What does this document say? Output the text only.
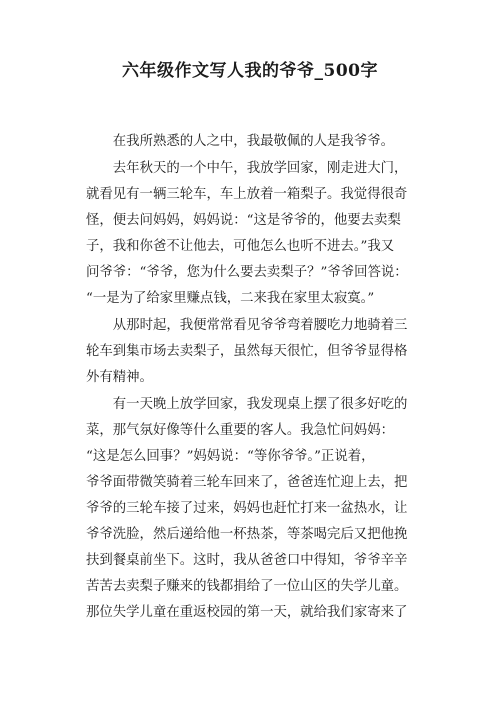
六年级作文写人我的爷爷_500字

在我所熟悉的人之中，我最敬佩的人是我爷爷。

去年秋天的一个中午，我放学回家，刚走进大门，
就看见有一辆三轮车，车上放着一箱梨子。我觉得很奇
怪，便去问妈妈，妈妈说：“这是爷爷的，他要去卖梨
子，我和你爸不让他去，可他怎么也听不进去。”我又
问爷爷：“爷爷，您为什么要去卖梨子？”爷爷回答说：
“一是为了给家里赚点钱，二来我在家里太寂寞。”

从那时起，我便常常看见爷爷弯着腰吃力地骑着三
轮车到集市场去卖梨子，虽然每天很忙，但爷爷显得格
外有精神。

有一天晚上放学回家，我发现桌上摆了很多好吃的
菜，那气氛好像等什么重要的客人。我急忙问妈妈：
“这是怎么回事？”妈妈说：“等你爷爷。”正说着，
爷爷面带微笑骑着三轮车回来了，爸爸连忙迎上去，把
爷爷的三轮车接了过来，妈妈也赶忙打来一盆热水，让
爷爷洗脸，然后递给他一杯热茶，等茶喝完后又把他挽
扶到餐桌前坐下。这时，我从爸爸口中得知，爷爷辛辛
苦苦去卖梨子赚来的钱都捐给了一位山区的失学儿童。
那位失学儿童在重返校园的第一天，就给我们家寄来了
